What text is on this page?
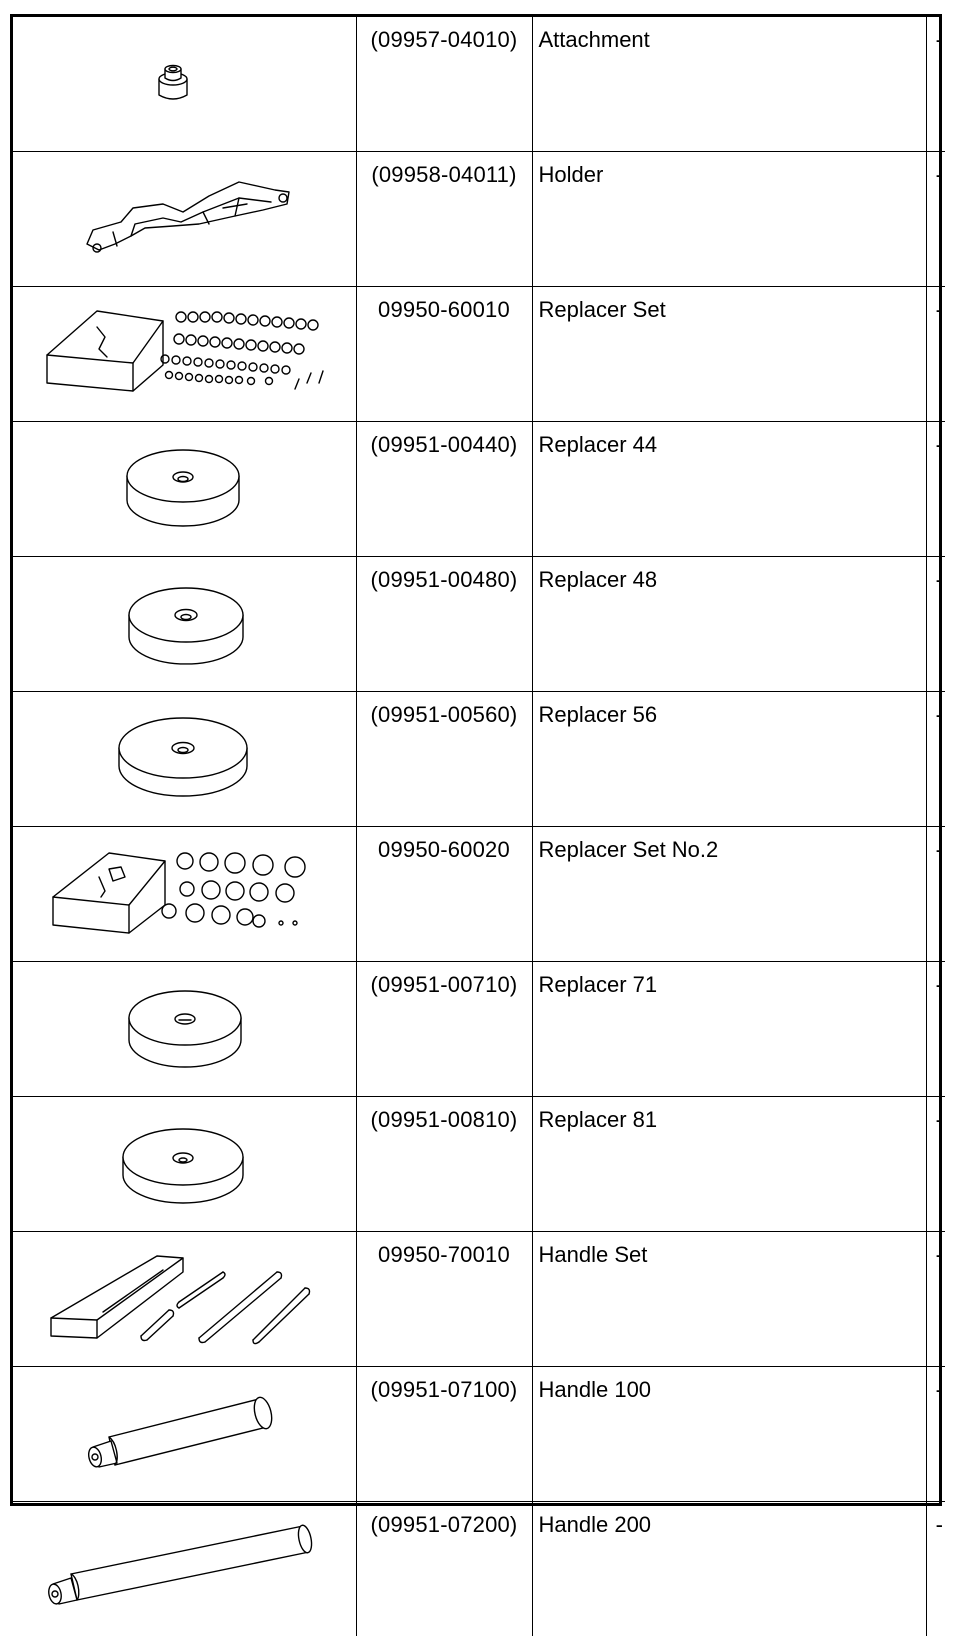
	(09957-04010)	Attachment	-

	(09958-04011)	Holder	-

	09950-60010	Replacer Set	-

	(09951-00440)	Replacer 44	-

	(09951-00480)	Replacer 48	-

	(09951-00560)	Replacer 56	-

	09950-60020	Replacer Set No.2	-

	(09951-00710)	Replacer 71	-

	(09951-00810)	Replacer 81	-

	09950-70010	Handle Set	-

	(09951-07100)	Handle 100	-

	(09951-07200)	Handle 200	-
